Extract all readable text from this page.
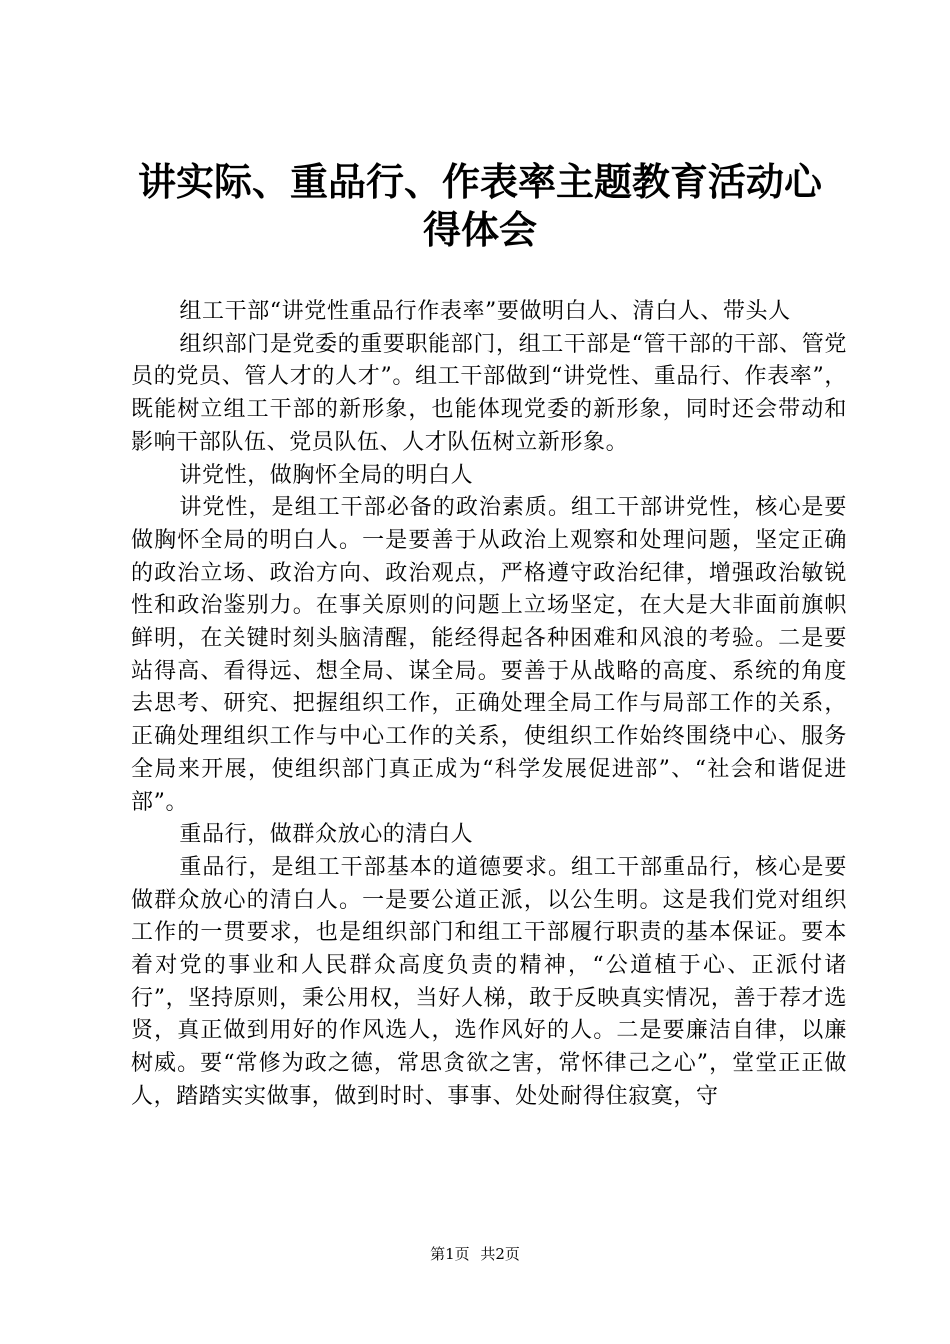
讲实际、重品行、作表率主题教育活动心得体会

组工干部“讲党性重品行作表率”要做明白人、清白人、带头人

组织部门是党委的重要职能部门，组工干部是“管干部的干部、管党员的党员、管人才的人才”。组工干部做到“讲党性、重品行、作表率”，既能树立组工干部的新形象，也能体现党委的新形象，同时还会带动和影响干部队伍、党员队伍、人才队伍树立新形象。

讲党性，做胸怀全局的明白人

讲党性，是组工干部必备的政治素质。组工干部讲党性，核心是要做胸怀全局的明白人。一是要善于从政治上观察和处理问题，坚定正确的政治立场、政治方向、政治观点，严格遵守政治纪律，增强政治敏锐性和政治鉴别力。在事关原则的问题上立场坚定，在大是大非面前旗帜鲜明，在关键时刻头脑清醒，能经得起各种困难和风浪的考验。二是要站得高、看得远、想全局、谋全局。要善于从战略的高度、系统的角度去思考、研究、把握组织工作，正确处理全局工作与局部工作的关系，正确处理组织工作与中心工作的关系，使组织工作始终围绕中心、服务全局来开展，使组织部门真正成为“科学发展促进部”、“社会和谐促进部”。

重品行，做群众放心的清白人

重品行，是组工干部基本的道德要求。组工干部重品行，核心是要做群众放心的清白人。一是要公道正派，以公生明。这是我们党对组织工作的一贯要求，也是组织部门和组工干部履行职责的基本保证。要本着对党的事业和人民群众高度负责的精神，“公道植于心、正派付诸行”，坚持原则，秉公用权，当好人梯，敢于反映真实情况，善于荐才选贤，真正做到用好的作风选人，选作风好的人。二是要廉洁自律，以廉树威。要“常修为政之德，常思贪欲之害，常怀律己之心”，堂堂正正做人，踏踏实实做事，做到时时、事事、处处耐得住寂寞，守

第1页 共2页
